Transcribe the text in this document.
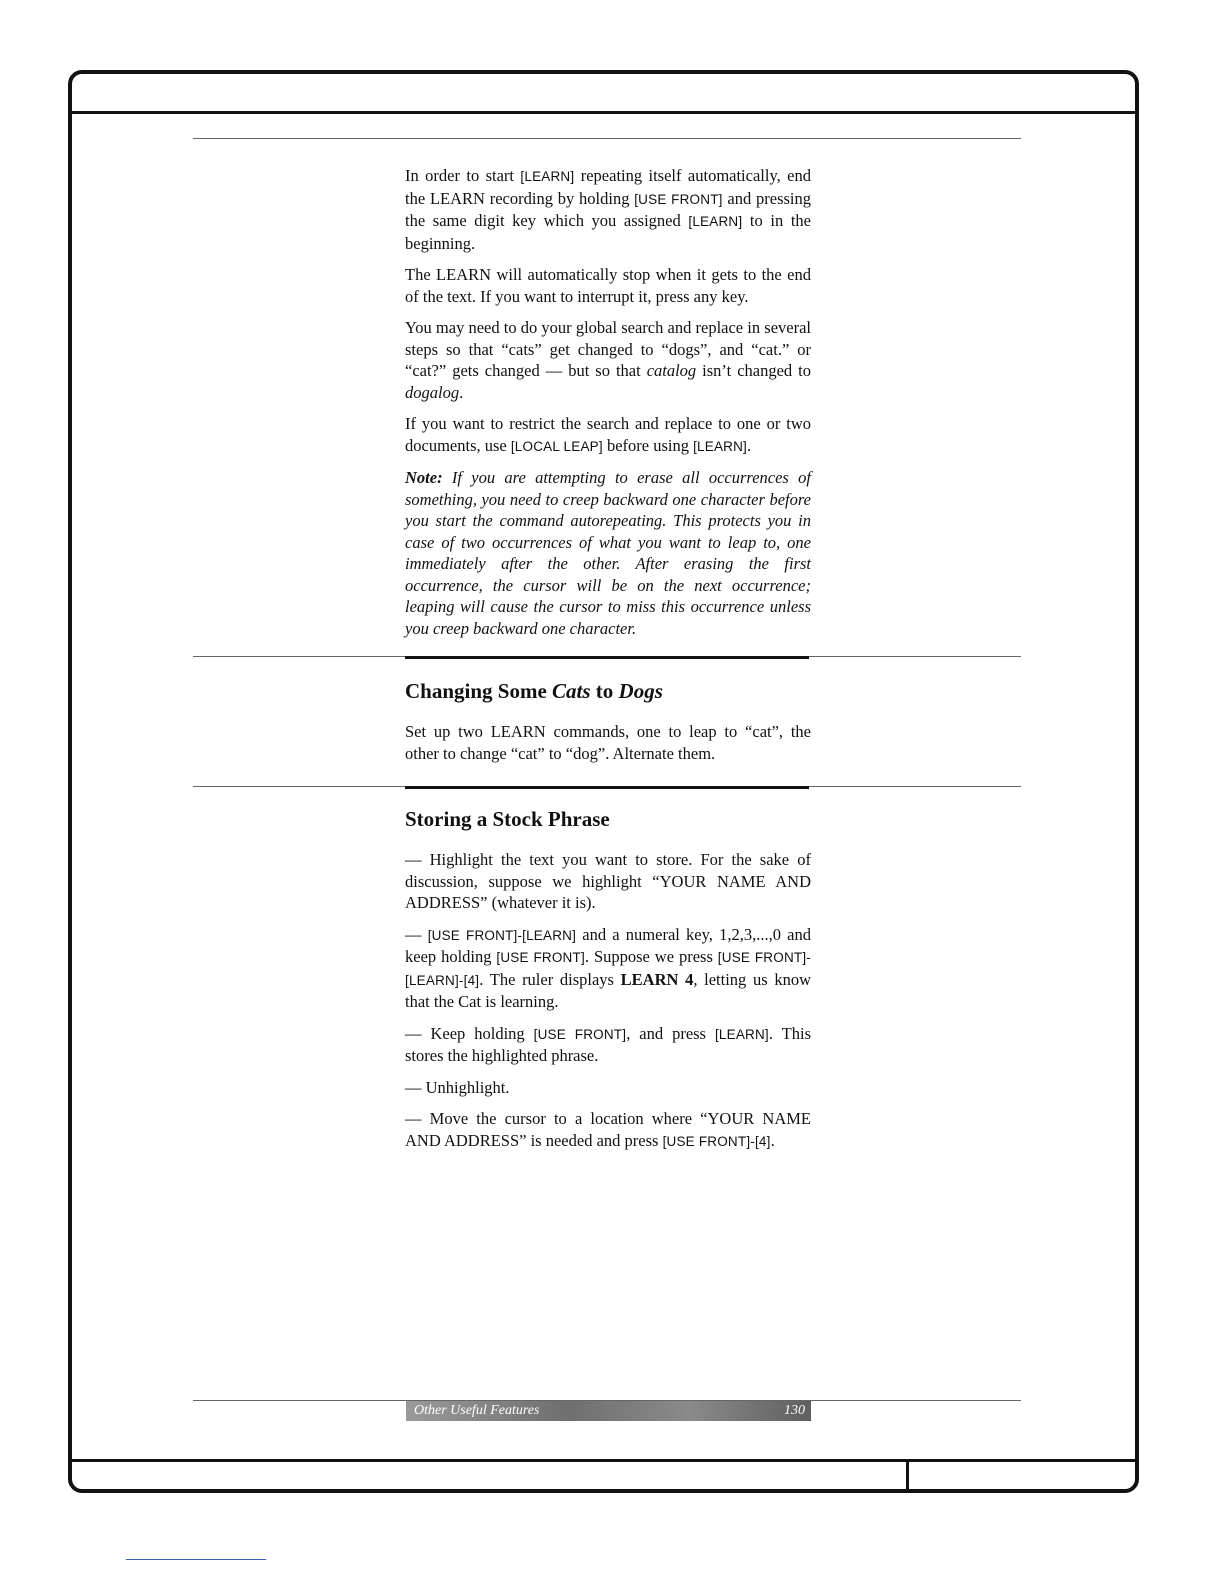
In order to start [LEARN] repeating itself automatically, end the LEARN recording by holding [USE FRONT] and pressing the same digit key which you assigned [LEARN] to in the beginning.

The LEARN will automatically stop when it gets to the end of the text. If you want to interrupt it, press any key.

You may need to do your global search and replace in several steps so that “cats” get changed to “dogs”, and “cat.” or “cat?” gets changed — but so that catalog isn’t changed to dogalog.

If you want to restrict the search and replace to one or two documents, use [LOCAL LEAP] before using [LEARN].

Note: If you are attempting to erase all occurrences of something, you need to creep backward one character before you start the command autorepeating. This protects you in case of two occurrences of what you want to leap to, one immediately after the other. After erasing the first occurrence, the cursor will be on the next occurrence; leaping will cause the cursor to miss this occurrence unless you creep backward one character.

Changing Some Cats to Dogs

Set up two LEARN commands, one to leap to “cat”, the other to change “cat” to “dog”. Alternate them.

Storing a Stock Phrase

— Highlight the text you want to store. For the sake of discussion, suppose we highlight “YOUR NAME AND ADDRESS” (whatever it is).

— [USE FRONT]-[LEARN] and a numeral key, 1,2,3,...,0 and keep holding [USE FRONT]. Suppose we press [USE FRONT]-[LEARN]-[4]. The ruler displays LEARN 4, letting us know that the Cat is learning.

— Keep holding [USE FRONT], and press [LEARN]. This stores the highlighted phrase.

— Unhighlight.

— Move the cursor to a location where “YOUR NAME AND ADDRESS” is needed and press [USE FRONT]-[4].

Other Useful Features	130
